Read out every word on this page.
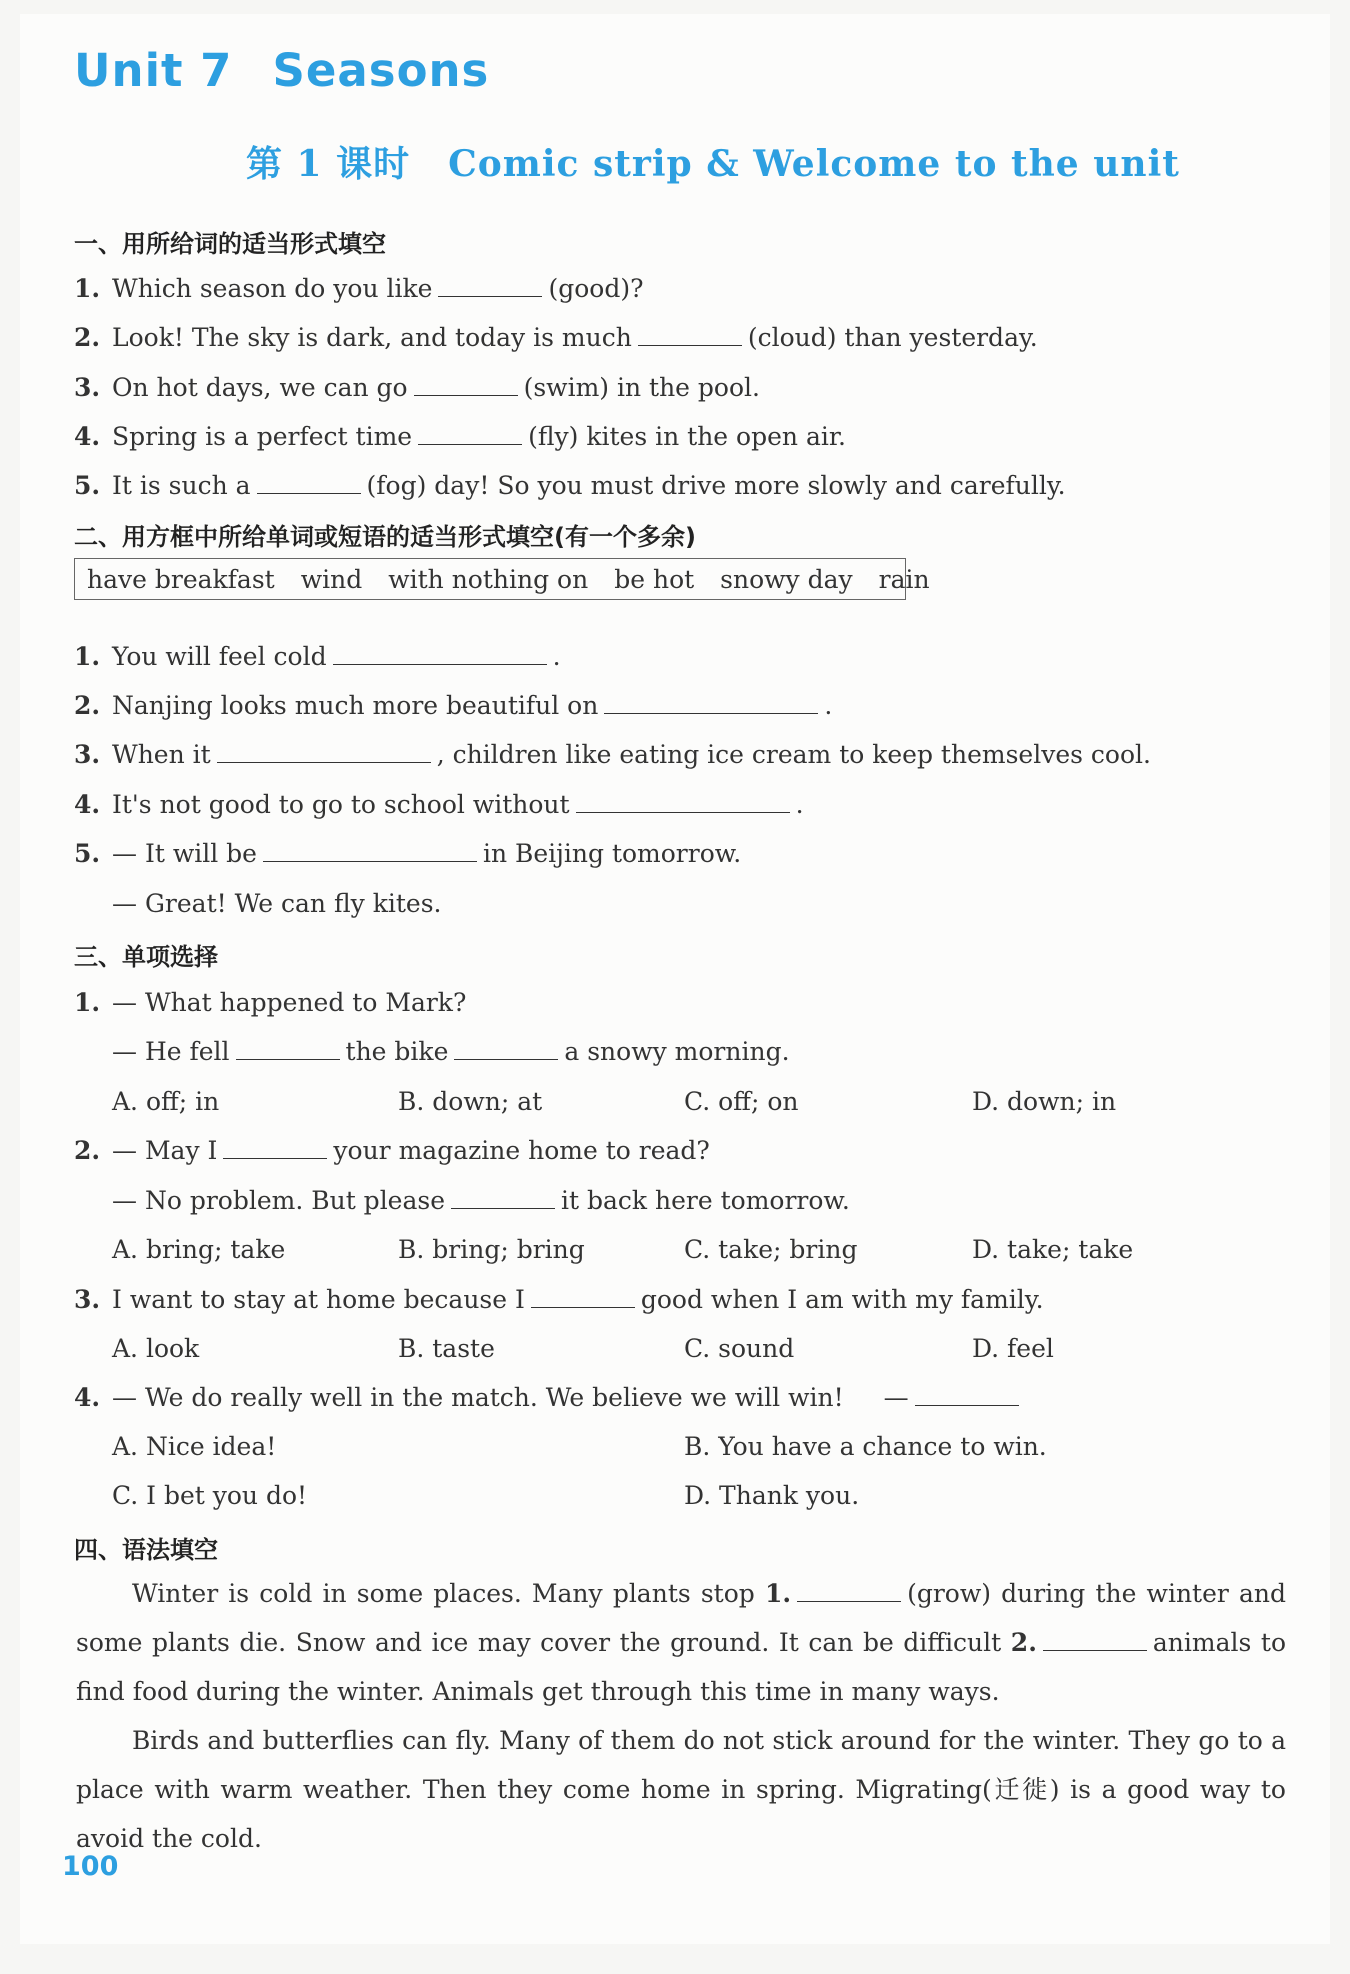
Unit 7 Seasons
第 1 课时 Comic strip & Welcome to the unit
一、用所给词的适当形式填空
1. Which season do you like	(good)?
2. Look! The sky is dark, and today is much	(cloud) than yesterday.
3. On hot days, we can go	(swim) in the pool.
4. Spring is a perfect time	(fly) kites in the open air.
5. It is such a	(fog) day! So you must drive more slowly and carefully.
二、用方框中所给单词或短语的适当形式填空(有一个多余)
have breakfast wind with nothing on be hot snowy day rain
1. You will feel cold	.
2. Nanjing looks much more beautiful on	.
3. When it	, children like eating ice cream to keep themselves cool.
4. It's not good to go to school without	.
5. — It will be	in Beijing tomorrow.
— Great! We can fly kites.
三、单项选择
1. — What happened to Mark?
— He fell	the bike	a snowy morning.
A. off; in	B. down; at	C. off; on	D. down; in
2. — May I	your magazine home to read?
— No problem. But please	it back here tomorrow.
A. bring; take	B. bring; bring	C. take; bring	D. take; take
3. I want to stay at home because I	good when I am with my family.
A. look	B. taste	C. sound	D. feel
4. — We do really well in the match. We believe we will win! —
A. Nice idea!	B. You have a chance to win.
C. I bet you do!	D. Thank you.
四、语法填空
Winter is cold in some places. Many plants stop 1.	(grow) during the winter and some plants die. Snow and ice may cover the ground. It can be difficult 2.	animals to find food during the winter. Animals get through this time in many ways.
Birds and butterflies can fly. Many of them do not stick around for the winter. They go to a place with warm weather. Then they come home in spring. Migrating(迁徙) is a good way to avoid the cold.
100
